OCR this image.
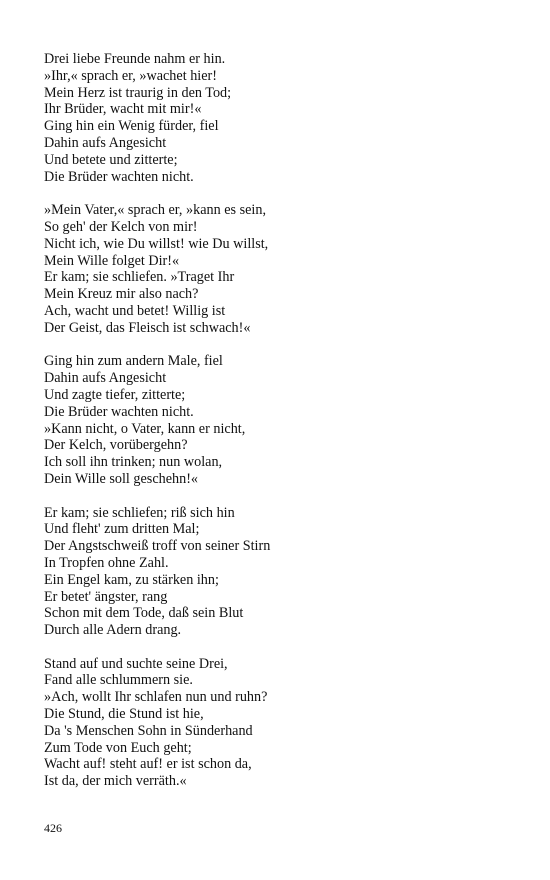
Drei liebe Freunde nahm er hin.
»Ihr,« sprach er, »wachet hier!
Mein Herz ist traurig in den Tod;
Ihr Brüder, wacht mit mir!«
Ging hin ein Wenig fürder, fiel
Dahin aufs Angesicht
Und betete und zitterte;
Die Brüder wachten nicht.
»Mein Vater,« sprach er, »kann es sein,
So geh' der Kelch von mir!
Nicht ich, wie Du willst! wie Du willst,
Mein Wille folget Dir!«
Er kam; sie schliefen. »Traget Ihr
Mein Kreuz mir also nach?
Ach, wacht und betet! Willig ist
Der Geist, das Fleisch ist schwach!«
Ging hin zum andern Male, fiel
Dahin aufs Angesicht
Und zagte tiefer, zitterte;
Die Brüder wachten nicht.
»Kann nicht, o Vater, kann er nicht,
Der Kelch, vorübergehn?
Ich soll ihn trinken; nun wolan,
Dein Wille soll geschehn!«
Er kam; sie schliefen; riß sich hin
Und fleht' zum dritten Mal;
Der Angstschweiß troff von seiner Stirn
In Tropfen ohne Zahl.
Ein Engel kam, zu stärken ihn;
Er betet' ängster, rang
Schon mit dem Tode, daß sein Blut
Durch alle Adern drang.
Stand auf und suchte seine Drei,
Fand alle schlummern sie.
»Ach, wollt Ihr schlafen nun und ruhn?
Die Stund, die Stund ist hie,
Da 's Menschen Sohn in Sünderhand
Zum Tode von Euch geht;
Wacht auf! steht auf! er ist schon da,
Ist da, der mich verräth.«
426
